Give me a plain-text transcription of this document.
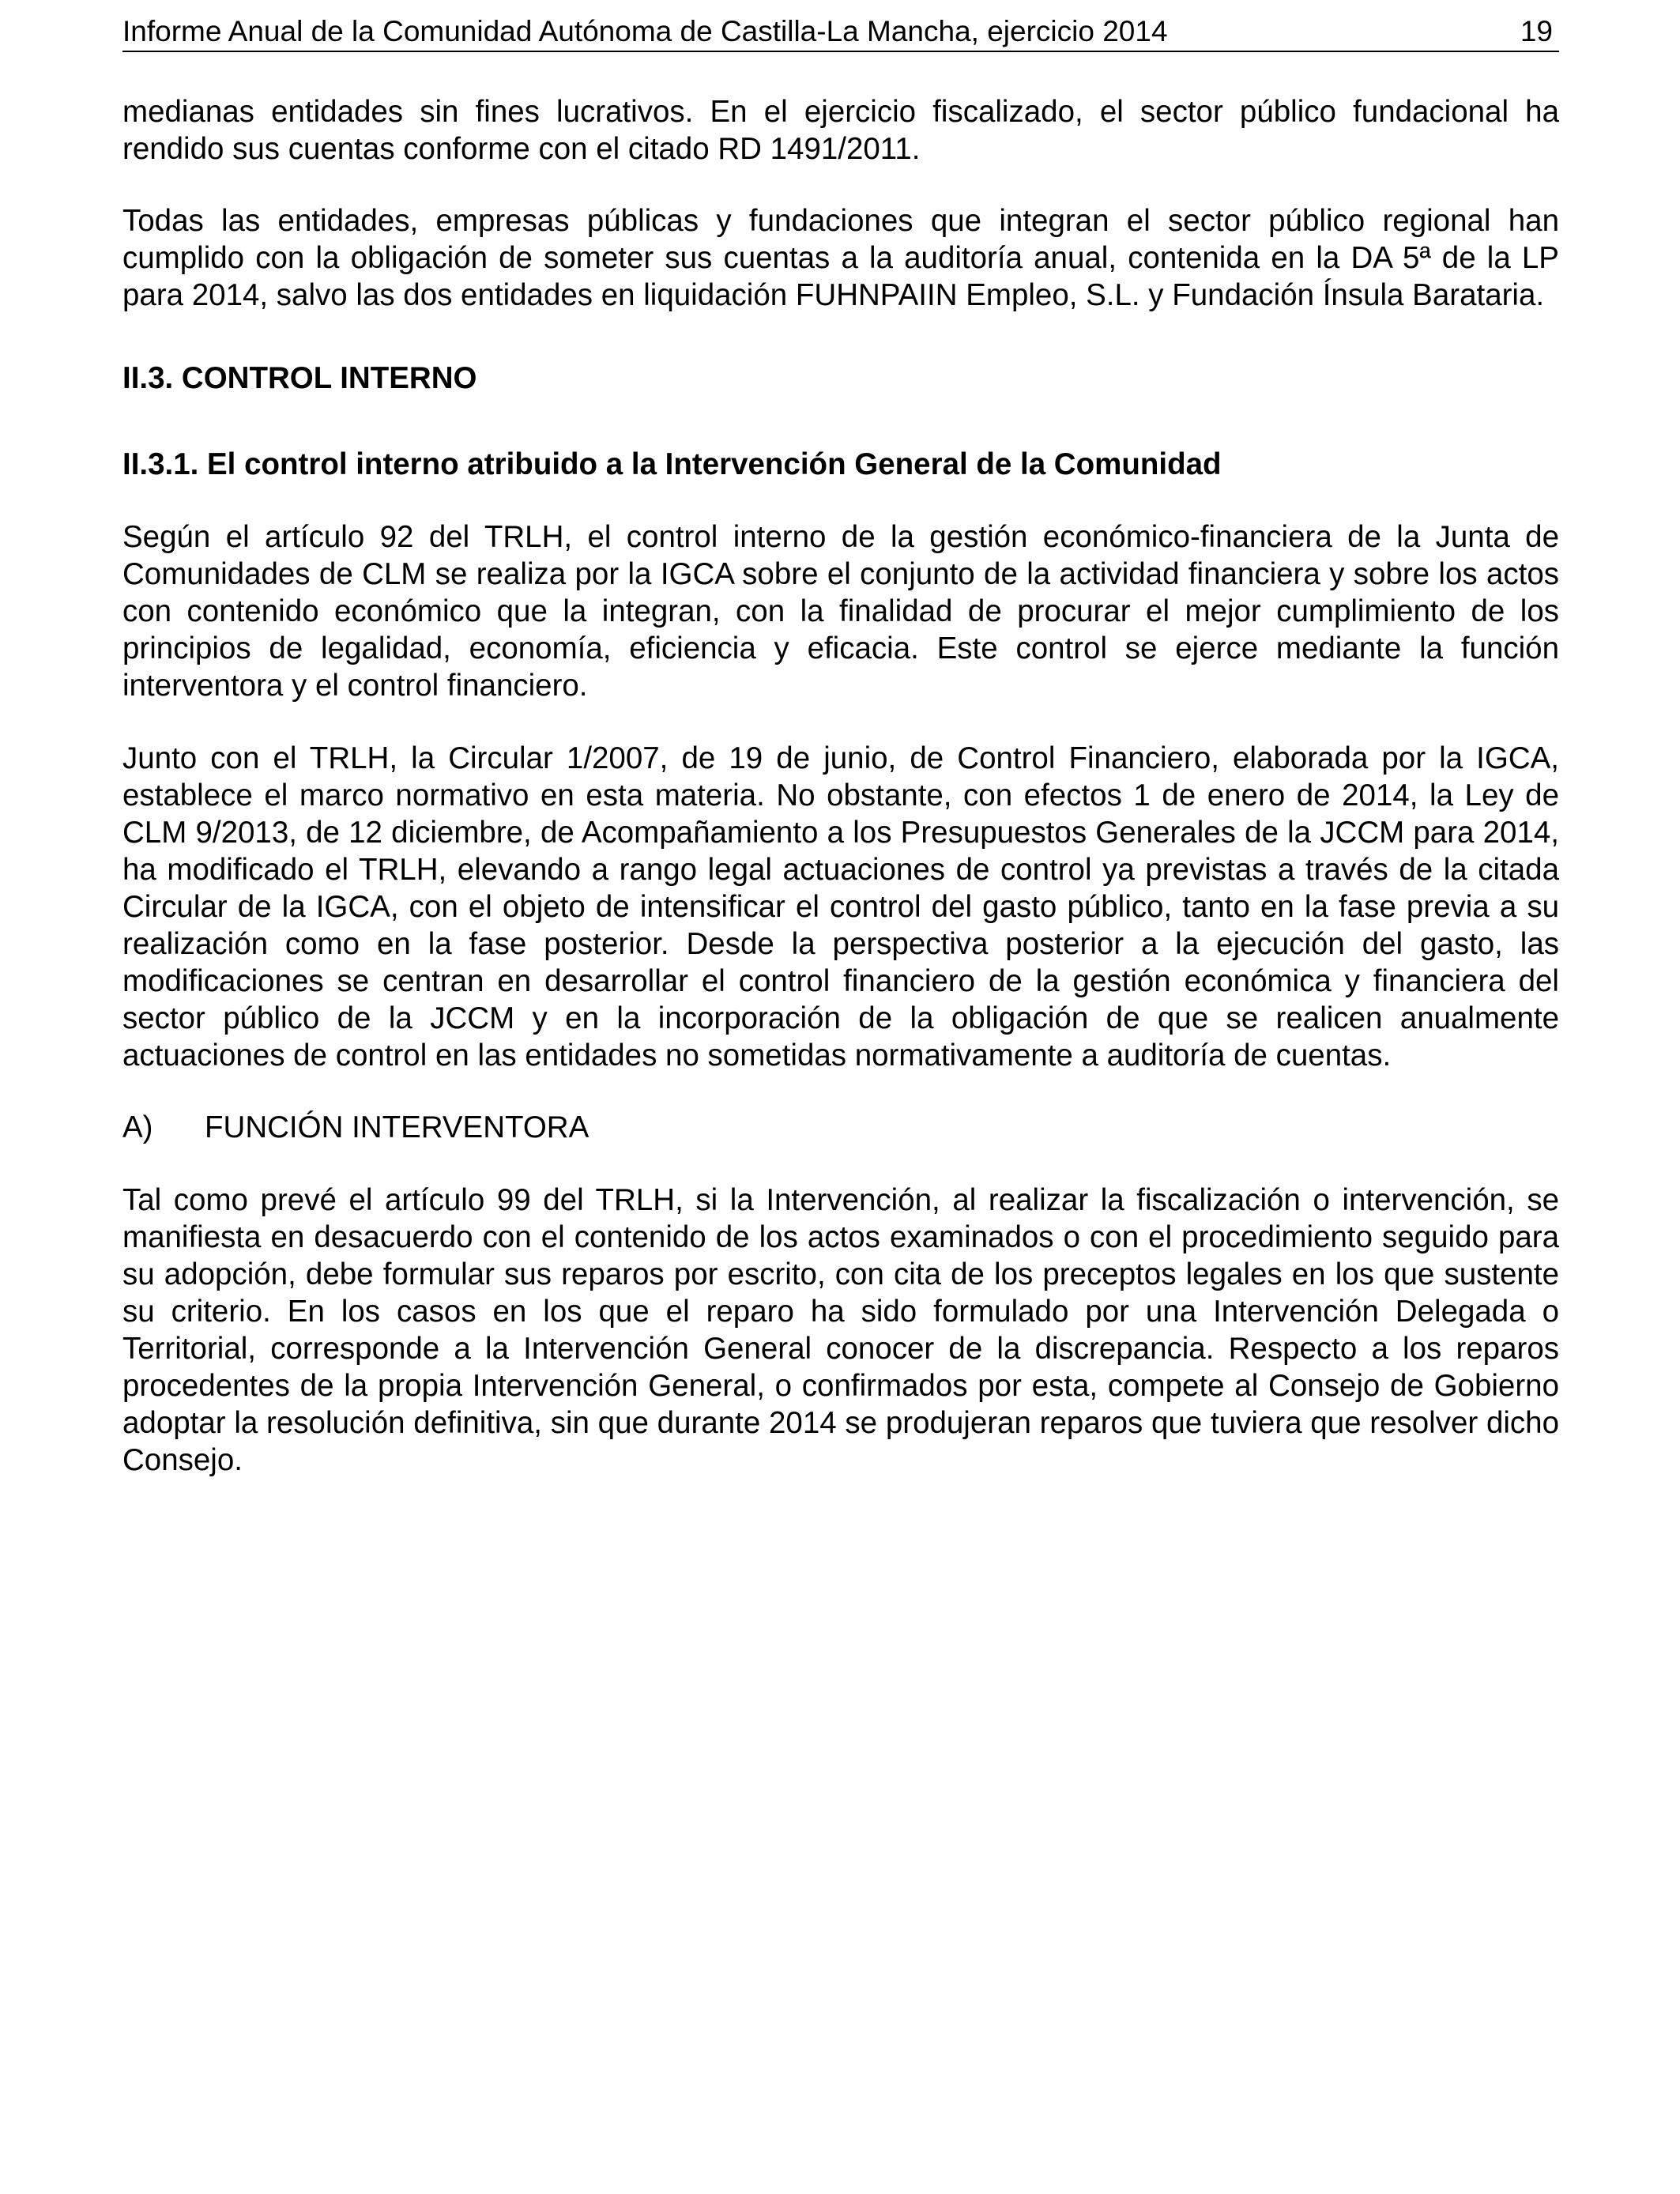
Informe Anual de la Comunidad Autónoma de Castilla-La Mancha, ejercicio 2014	19

medianas entidades sin fines lucrativos. En el ejercicio fiscalizado, el sector público fundacional ha rendido sus cuentas conforme con el citado RD 1491/2011.

Todas las entidades, empresas públicas y fundaciones que integran el sector público regional han cumplido con la obligación de someter sus cuentas a la auditoría anual, contenida en la DA 5ª de la LP para 2014, salvo las dos entidades en liquidación FUHNPAIIN Empleo, S.L. y Fundación Ínsula Barataria.

II.3. CONTROL INTERNO
II.3.1. El control interno atribuido a la Intervención General de la Comunidad

Según el artículo 92 del TRLH, el control interno de la gestión económico-financiera de la Junta de Comunidades de CLM se realiza por la IGCA sobre el conjunto de la actividad financiera y sobre los actos con contenido económico que la integran, con la finalidad de procurar el mejor cumplimiento de los principios de legalidad, economía, eficiencia y eficacia. Este control se ejerce mediante la función interventora y el control financiero.

Junto con el TRLH, la Circular 1/2007, de 19 de junio, de Control Financiero, elaborada por la IGCA, establece el marco normativo en esta materia. No obstante, con efectos 1 de enero de 2014, la Ley de CLM 9/2013, de 12 diciembre, de Acompañamiento a los Presupuestos Generales de la JCCM para 2014, ha modificado el TRLH, elevando a rango legal actuaciones de control ya previstas a través de la citada Circular de la IGCA, con el objeto de intensificar el control del gasto público, tanto en la fase previa a su realización como en la fase posterior. Desde la perspectiva posterior a la ejecución del gasto, las modificaciones se centran en desarrollar el control financiero de la gestión económica y financiera del sector público de la JCCM y en la incorporación de la obligación de que se realicen anualmente actuaciones de control en las entidades no sometidas normativamente a auditoría de cuentas.

A) FUNCIÓN INTERVENTORA

Tal como prevé el artículo 99 del TRLH, si la Intervención, al realizar la fiscalización o intervención, se manifiesta en desacuerdo con el contenido de los actos examinados o con el procedimiento seguido para su adopción, debe formular sus reparos por escrito, con cita de los preceptos legales en los que sustente su criterio. En los casos en los que el reparo ha sido formulado por una Intervención Delegada o Territorial, corresponde a la Intervención General conocer de la discrepancia. Respecto a los reparos procedentes de la propia Intervención General, o confirmados por esta, compete al Consejo de Gobierno adoptar la resolución definitiva, sin que durante 2014 se produjeran reparos que tuviera que resolver dicho Consejo.
